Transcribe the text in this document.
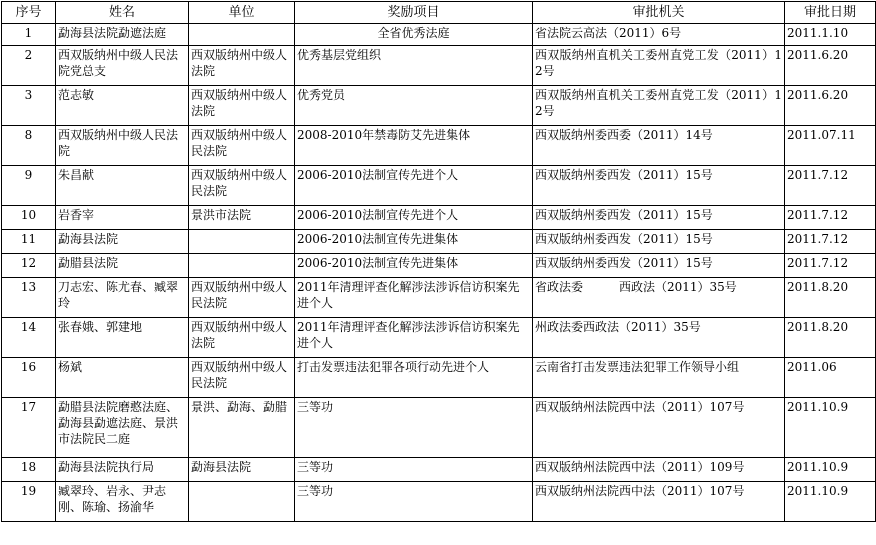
序号	姓名	单位	奖励项目	审批机关	审批日期
1	勐海县法院勐遮法庭		全省优秀法庭	省法院云高法（2011）6号	2011.1.10
2	西双版纳州中级人民法院党总支	西双版纳州中级人法院	优秀基层党组织	西双版纳州直机关工委州直党工发（2011）12号	2011.6.20
3	范志敏	西双版纳州中级人法院	优秀党员	西双版纳州直机关工委州直党工发（2011）12号	2011.6.20
8	西双版纳州中级人民法院	西双版纳州中级人民法院	2008-2010年禁毒防艾先进集体	西双版纳州委西委（2011）14号	2011.07.11
9	朱昌献	西双版纳州中级人民法院	2006-2010法制宣传先进个人	西双版纳州委西发（2011）15号	2011.7.12
10	岩香宰	景洪市法院	2006-2010法制宣传先进个人	西双版纳州委西发（2011）15号	2011.7.12
11	勐海县法院		2006-2010法制宣传先进集体	西双版纳州委西发（2011）15号	2011.7.12
12	勐腊县法院		2006-2010法制宣传先进集体	西双版纳州委西发（2011）15号	2011.7.12
13	刀志宏、陈尤春、臧翠玲	西双版纳州中级人民法院	2011年清理评查化解涉法涉诉信访积案先进个人	省政法委　　　西政法（2011）35号	2011.8.20
14	张春娥、郭建地	西双版纳州中级人法院	2011年清理评查化解涉法涉诉信访积案先进个人	州政法委西政法（2011）35号	2011.8.20
16	杨斌	西双版纳州中级人民法院	打击发票违法犯罪各项行动先进个人	云南省打击发票违法犯罪工作领导小组	2011.06
17	勐腊县法院磨憨法庭、勐海县勐遮法庭、景洪市法院民二庭	景洪、勐海、勐腊	三等功	西双版纳州法院西中法（2011）107号	2011.10.9
18	勐海县法院执行局	勐海县法院	三等功	西双版纳州法院西中法（2011）109号	2011.10.9
19	臧翠玲、岩永、尹志刚、陈瑜、扬渝华		三等功	西双版纳州法院西中法（2011）107号	2011.10.9
